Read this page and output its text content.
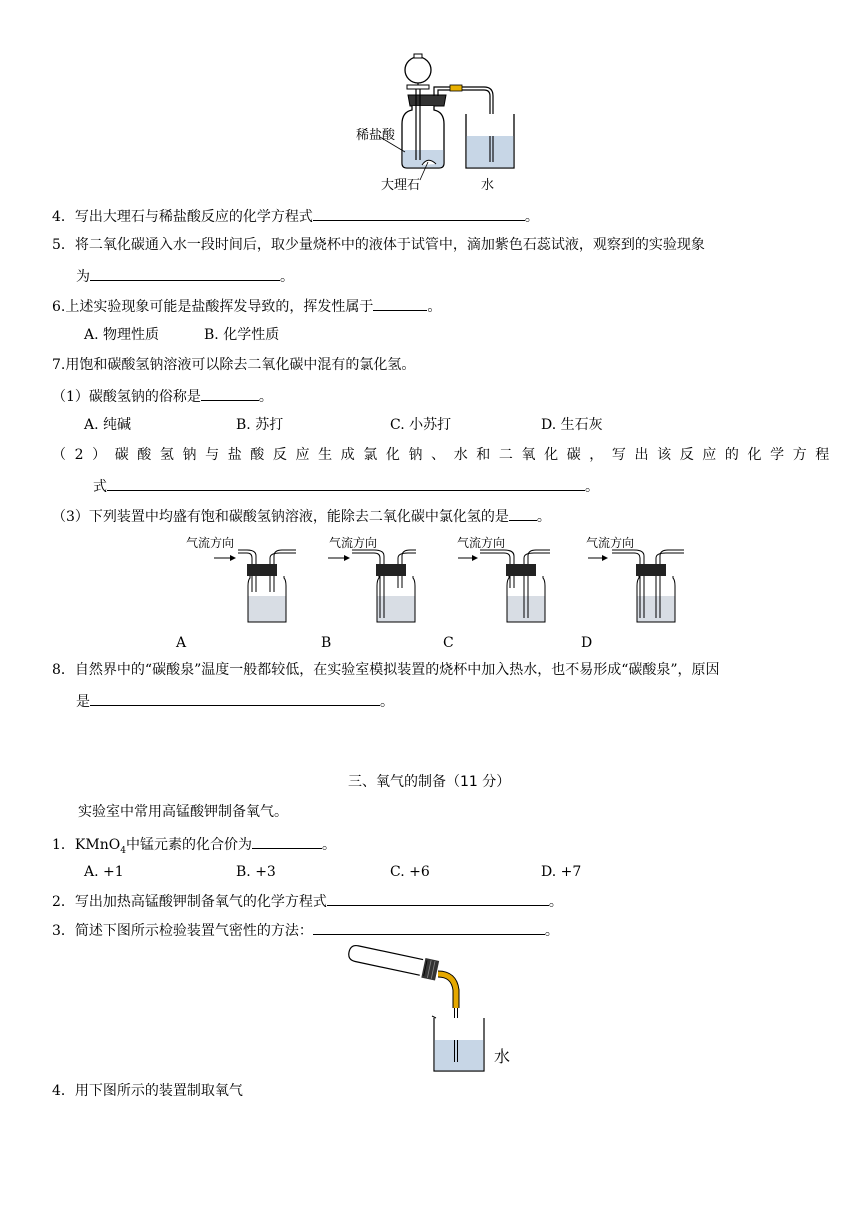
稀盐酸
大理石	水
4．写出大理石与稀盐酸反应的化学方程式	。
5．将二氧化碳通入水一段时间后，取少量烧杯中的液体于试管中，滴加紫色石蕊试液，观察到的实验现象
为	。
6.上述实验现象可能是盐酸挥发导致的，挥发性属于	。
A. 物理性质	B. 化学性质
7.用饱和碳酸氢钠溶液可以除去二氧化碳中混有的氯化氢。
（1）碳酸氢钠的俗称是	。
A. 纯碱	B. 苏打	C. 小苏打	D. 生石灰
（2）碳酸氢钠与盐酸反应生成氯化钠、水和二氧化碳，写出该反应的化学方程
式	。
（3）下列装置中均盛有饱和碳酸氢钠溶液，能除去二氧化碳中氯化氢的是 。
气流方向	气流方向	气流方向	气流方向
A	B	C	D
8．自然界中的“碳酸泉”温度一般都较低，在实验室模拟装置的烧杯中加入热水，也不易形成“碳酸泉”，原因
是	。
三、氧气的制备（11 分）
实验室中常用高锰酸钾制备氧气。
1．KMnO$_4$中锰元素的化合价为	。
A. +1	B. +3	C. +6	D. +7
2．写出加热高锰酸钾制备氧气的化学方程式	。
3．简述下图所示检验装置气密性的方法：	。
水
4．用下图所示的装置制取氧气
